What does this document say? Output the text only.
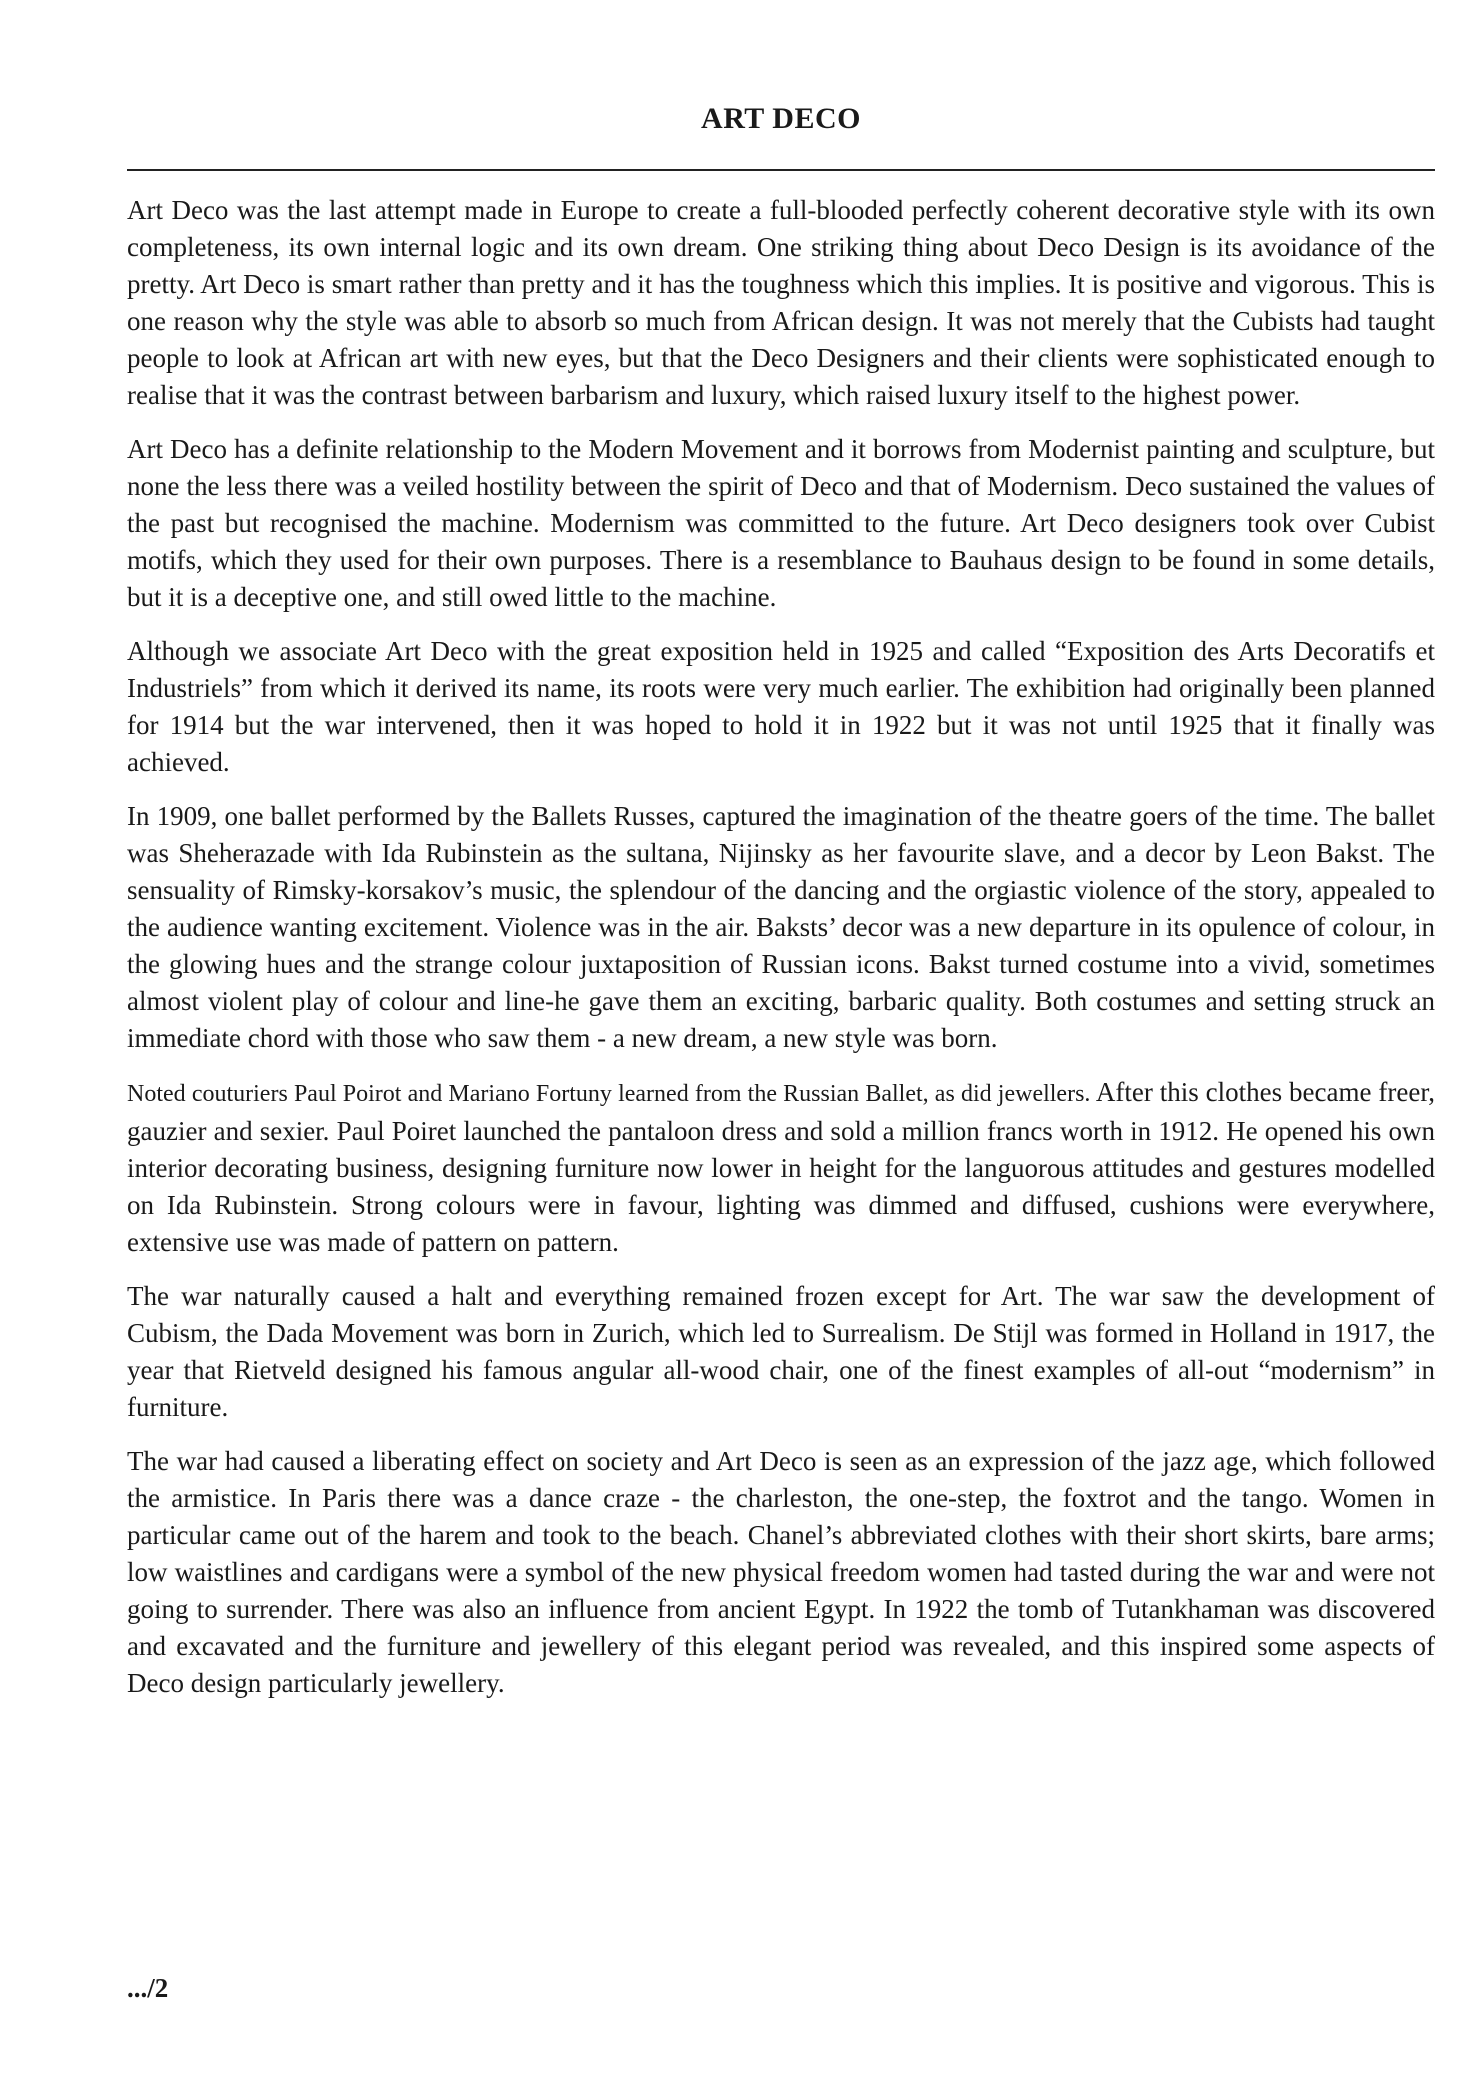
ART DECO

Art Deco was the last attempt made in Europe to create a full-blooded perfectly coherent decorative style with its own completeness, its own internal logic and its own dream. One striking thing about Deco Design is its avoidance of the pretty. Art Deco is smart rather than pretty and it has the toughness which this implies. It is positive and vigorous. This is one reason why the style was able to absorb so much from African design. It was not merely that the Cubists had taught people to look at African art with new eyes, but that the Deco Designers and their clients were sophisticated enough to realise that it was the contrast between barbarism and luxury, which raised luxury itself to the highest power.

Art Deco has a definite relationship to the Modern Movement and it borrows from Modernist painting and sculpture, but none the less there was a veiled hostility between the spirit of Deco and that of Modernism. Deco sustained the values of the past but recognised the machine. Modernism was committed to the future. Art Deco designers took over Cubist motifs, which they used for their own purposes. There is a resemblance to Bauhaus design to be found in some details, but it is a deceptive one, and still owed little to the machine.

Although we associate Art Deco with the great exposition held in 1925 and called “Exposition des Arts Decoratifs et Industriels” from which it derived its name, its roots were very much earlier. The exhibition had originally been planned for 1914 but the war intervened, then it was hoped to hold it in 1922 but it was not until 1925 that it finally was achieved.

In 1909, one ballet performed by the Ballets Russes, captured the imagination of the theatre goers of the time. The ballet was Sheherazade with Ida Rubinstein as the sultana, Nijinsky as her favourite slave, and a decor by Leon Bakst. The sensuality of Rimsky-korsakov’s music, the splendour of the dancing and the orgiastic violence of the story, appealed to the audience wanting excitement. Violence was in the air. Baksts’ decor was a new departure in its opulence of colour, in the glowing hues and the strange colour juxtaposition of Russian icons. Bakst turned costume into a vivid, sometimes almost violent play of colour and line-he gave them an exciting, barbaric quality. Both costumes and setting struck an immediate chord with those who saw them - a new dream, a new style was born.

Noted couturiers Paul Poirot and Mariano Fortuny learned from the Russian Ballet, as did jewellers. After this clothes became freer, gauzier and sexier. Paul Poiret launched the pantaloon dress and sold a million francs worth in 1912. He opened his own interior decorating business, designing furniture now lower in height for the languorous attitudes and gestures modelled on Ida Rubinstein. Strong colours were in favour, lighting was dimmed and diffused, cushions were everywhere, extensive use was made of pattern on pattern.

The war naturally caused a halt and everything remained frozen except for Art. The war saw the development of Cubism, the Dada Movement was born in Zurich, which led to Surrealism. De Stijl was formed in Holland in 1917, the year that Rietveld designed his famous angular all-wood chair, one of the finest examples of all-out “modernism” in furniture.

The war had caused a liberating effect on society and Art Deco is seen as an expression of the jazz age, which followed the armistice. In Paris there was a dance craze - the charleston, the one-step, the foxtrot and the tango. Women in particular came out of the harem and took to the beach. Chanel’s abbreviated clothes with their short skirts, bare arms; low waistlines and cardigans were a symbol of the new physical freedom women had tasted during the war and were not going to surrender. There was also an influence from ancient Egypt. In 1922 the tomb of Tutankhaman was discovered and excavated and the furniture and jewellery of this elegant period was revealed, and this inspired some aspects of Deco design particularly jewellery.

.../2
